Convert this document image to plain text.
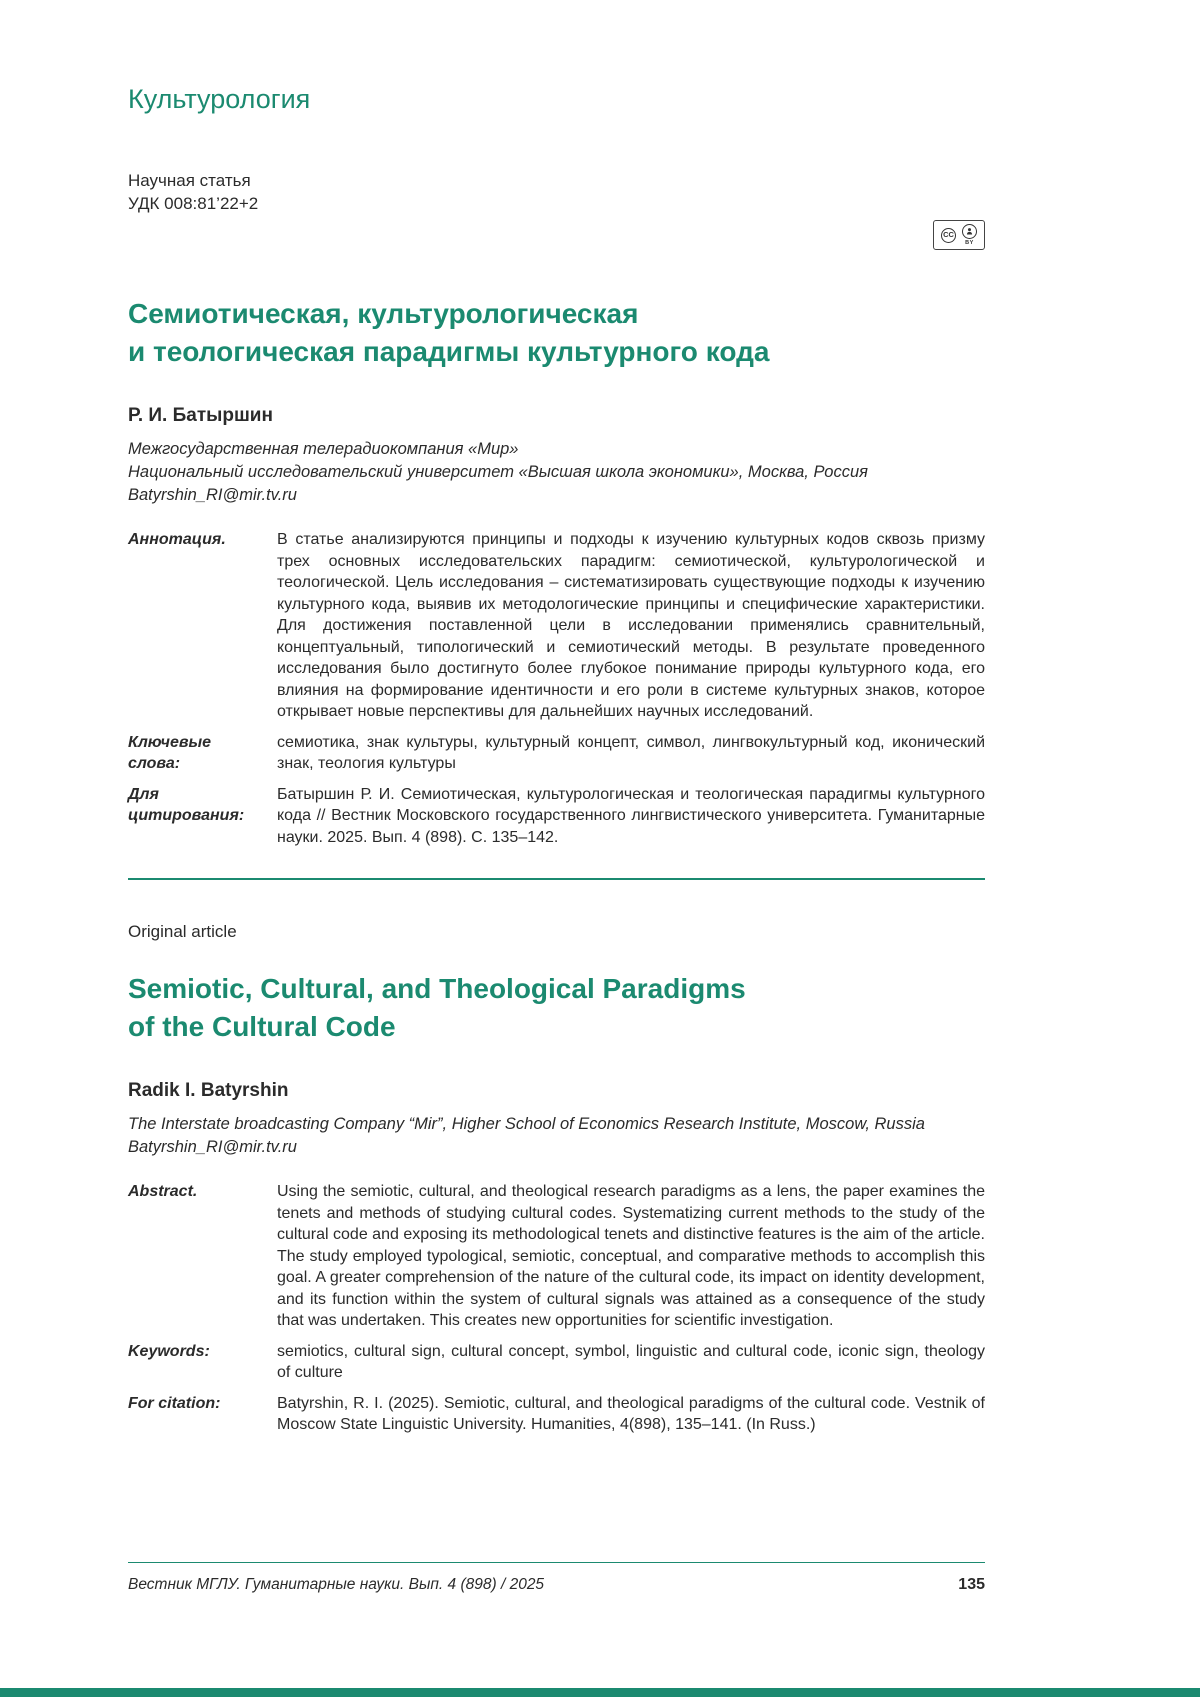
Культурология
Научная статья
УДК 008:81’22+2
Семиотическая, культурологическая
и теологическая парадигмы культурного кода
Р. И. Батыршин
Межгосударственная телерадиокомпания «Мир»
Национальный исследовательский университет «Высшая школа экономики», Москва, Россия
Batyrshin_RI@mir.tv.ru
Аннотация.	В статье анализируются принципы и подходы к изучению культурных кодов сквозь призму трех основных исследовательских парадигм: семиотической, культурологической и теологической. Цель исследования – систематизировать существующие подходы к изучению культурного кода, выявив их методологические принципы и специфические характеристики. Для достижения поставленной цели в исследовании применялись сравнительный, концептуальный, типологический и семиотический методы. В результате проведенного исследования было достигнуто более глубокое понимание природы культурного кода, его влияния на формирование идентичности и его роли в системе культурных знаков, которое открывает новые перспективы для дальнейших научных исследований.
Ключевые слова:
семиотика, знак культуры, культурный концепт, символ, лингвокультурный код, иконический знак, теология культуры
Для цитирования:
Батыршин Р. И. Семиотическая, культурологическая и теологическая парадигмы культурного кода // Вестник Московского государственного лингвистического университета. Гуманитарные науки. 2025. Вып. 4 (898). С. 135–142.
Original article
Semiotic, Cultural, and Theological Paradigms
of the Cultural Code
Radik I. Batyrshin
The Interstate broadcasting Company “Mir”, Higher School of Economics Research Institute, Moscow, Russia
Batyrshin_RI@mir.tv.ru
Abstract.	Using the semiotic, cultural, and theological research paradigms as a lens, the paper examines the tenets and methods of studying cultural codes. Systematizing current methods to the study of the cultural code and exposing its methodological tenets and distinctive features is the aim of the article. The study employed typological, semiotic, conceptual, and comparative methods to accomplish this goal. A greater comprehension of the nature of the cultural code, its impact on identity development, and its function within the system of cultural signals was attained as a consequence of the study that was undertaken. This creates new opportunities for scientific investigation.
Keywords:	semiotics, cultural sign, cultural concept, symbol, linguistic and cultural code, iconic sign, theology of culture
For citation:	Batyrshin, R. I. (2025). Semiotic, cultural, and theological paradigms of the cultural code. Vestnik of Moscow State Linguistic University. Humanities, 4(898), 135–141. (In Russ.)
CC
BY
Вестник МГЛУ. Гуманитарные науки. Вып. 4 (898) / 2025	135
